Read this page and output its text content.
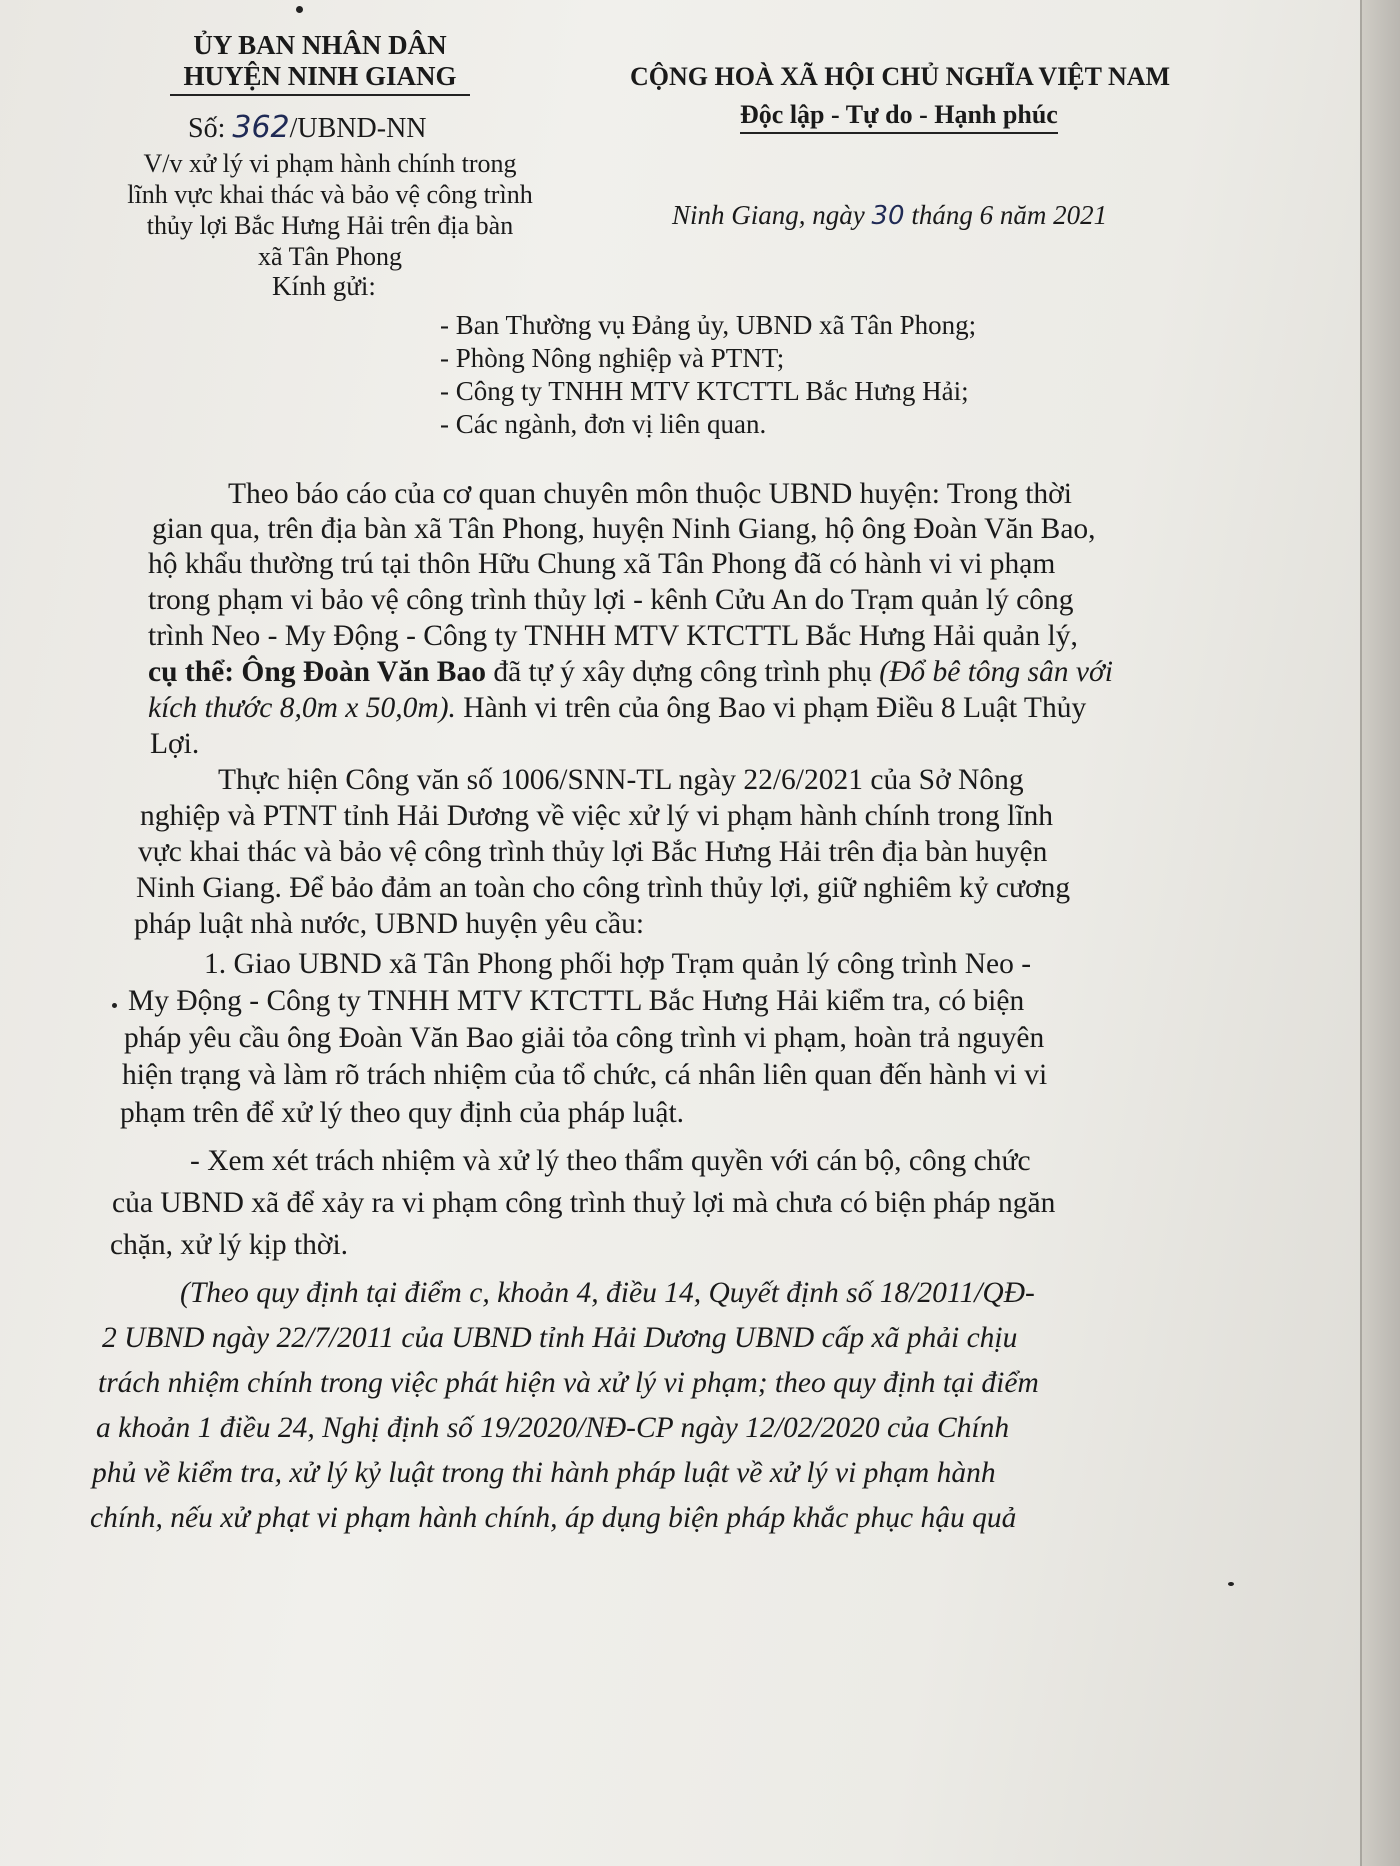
ỦY BAN NHÂN DÂN
HUYỆN NINH GIANG	CỘNG HOÀ XÃ HỘI CHỦ NGHĨA VIỆT NAM
Độc lập - Tự do - Hạnh phúc
Số: 362/UBND-NN
V/v xử lý vi phạm hành chính trong
lĩnh vực khai thác và bảo vệ công trình
thủy lợi Bắc Hưng Hải trên địa bàn
xã Tân Phong
Ninh Giang, ngày 30 tháng 6 năm 2021
Kính gửi:
- Ban Thường vụ Đảng ủy, UBND xã Tân Phong;
- Phòng Nông nghiệp và PTNT;
- Công ty TNHH MTV KTCTTL Bắc Hưng Hải;
- Các ngành, đơn vị liên quan.
Theo báo cáo của cơ quan chuyên môn thuộc UBND huyện: Trong thời
gian qua, trên địa bàn xã Tân Phong, huyện Ninh Giang, hộ ông Đoàn Văn Bao,
hộ khẩu thường trú tại thôn Hữu Chung xã Tân Phong đã có hành vi vi phạm
trong phạm vi bảo vệ công trình thủy lợi - kênh Cửu An do Trạm quản lý công
trình Neo - My Động - Công ty TNHH MTV KTCTTL Bắc Hưng Hải quản lý,
cụ thể: Ông Đoàn Văn Bao đã tự ý xây dựng công trình phụ (Đổ bê tông sân với
kích thước 8,0m x 50,0m). Hành vi trên của ông Bao vi phạm Điều 8 Luật Thủy
Lợi.
Thực hiện Công văn số 1006/SNN-TL ngày 22/6/2021 của Sở Nông
nghiệp và PTNT tỉnh Hải Dương về việc xử lý vi phạm hành chính trong lĩnh
vực khai thác và bảo vệ công trình thủy lợi Bắc Hưng Hải trên địa bàn huyện
Ninh Giang. Để bảo đảm an toàn cho công trình thủy lợi, giữ nghiêm kỷ cương
pháp luật nhà nước, UBND huyện yêu cầu:
1. Giao UBND xã Tân Phong phối hợp Trạm quản lý công trình Neo -
My Động - Công ty TNHH MTV KTCTTL Bắc Hưng Hải kiểm tra, có biện
pháp yêu cầu ông Đoàn Văn Bao giải tỏa công trình vi phạm, hoàn trả nguyên
hiện trạng và làm rõ trách nhiệm của tổ chức, cá nhân liên quan đến hành vi vi
phạm trên để xử lý theo quy định của pháp luật.
- Xem xét trách nhiệm và xử lý theo thẩm quyền với cán bộ, công chức
của UBND xã để xảy ra vi phạm công trình thuỷ lợi mà chưa có biện pháp ngăn
chặn, xử lý kịp thời.
(Theo quy định tại điểm c, khoản 4, điều 14, Quyết định số 18/2011/QĐ-
2 UBND ngày 22/7/2011 của UBND tỉnh Hải Dương UBND cấp xã phải chịu
trách nhiệm chính trong việc phát hiện và xử lý vi phạm; theo quy định tại điểm
a khoản 1 điều 24, Nghị định số 19/2020/NĐ-CP ngày 12/02/2020 của Chính
phủ về kiểm tra, xử lý kỷ luật trong thi hành pháp luật về xử lý vi phạm hành
chính, nếu xử phạt vi phạm hành chính, áp dụng biện pháp khắc phục hậu quả
